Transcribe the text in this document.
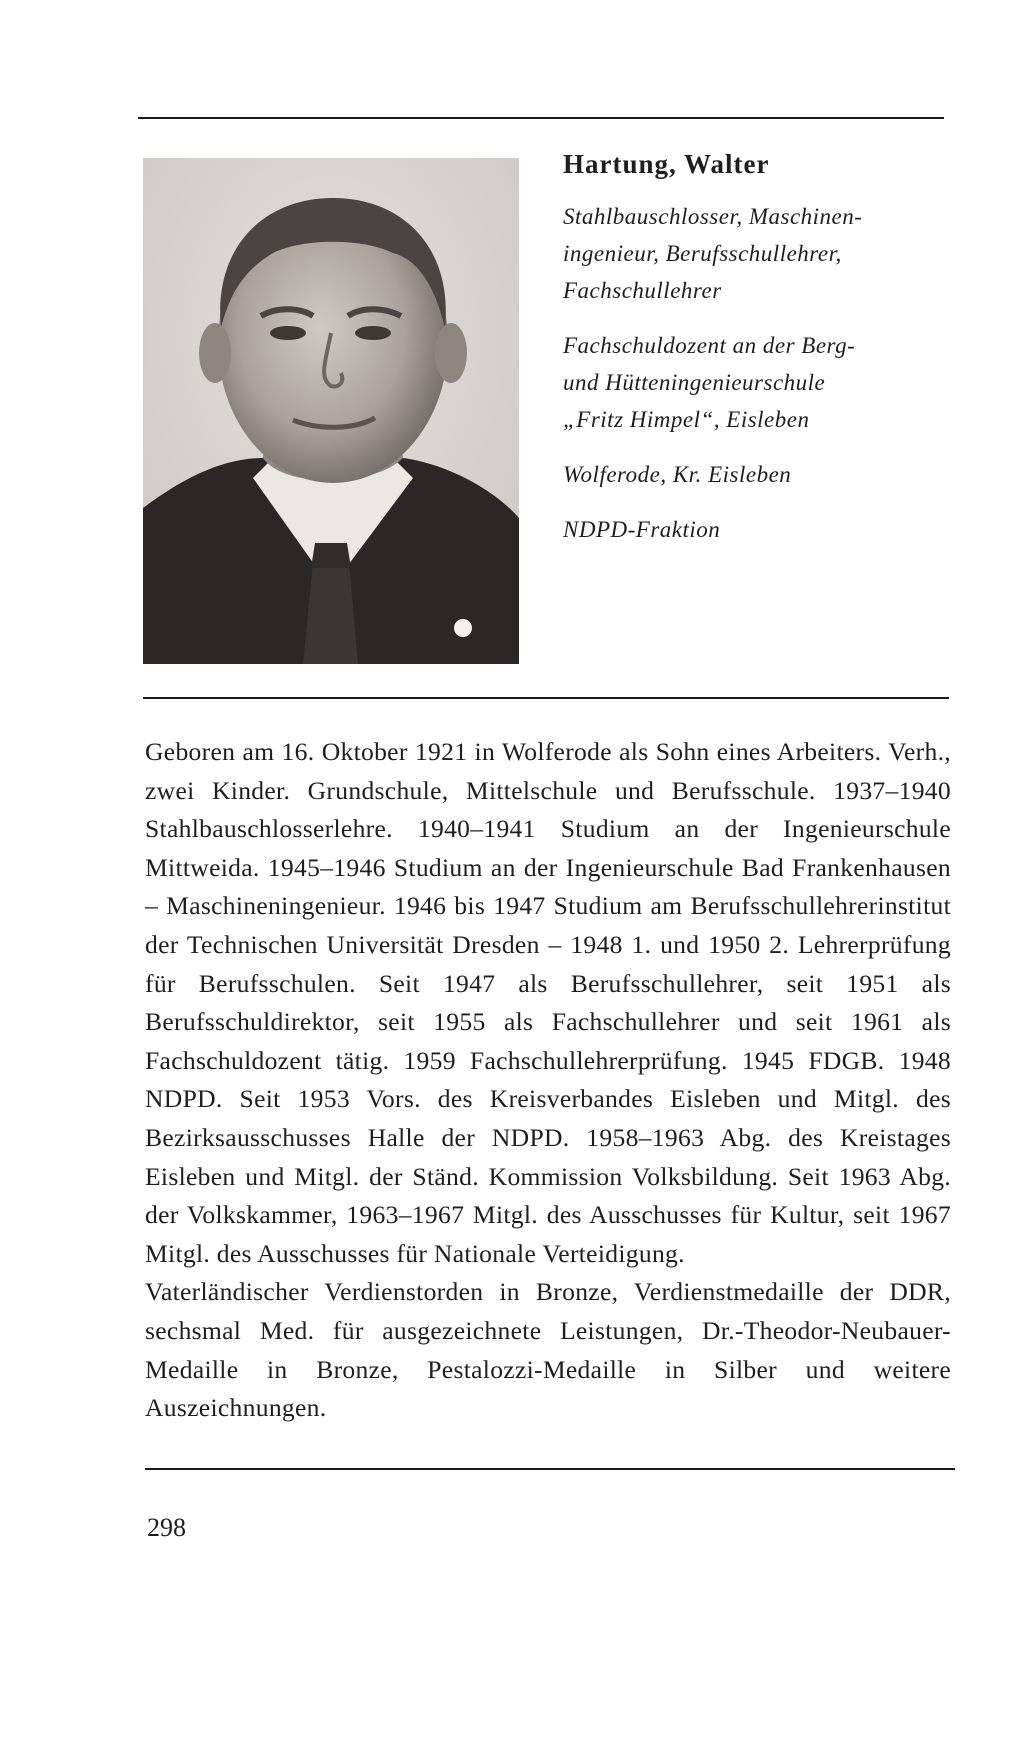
Hartung, Walter
Stahlbauschlosser, Maschinen-
ingenieur, Berufsschullehrer,
Fachschullehrer
Fachschuldozent an der Berg-
und Hütteningenieurschule
„Fritz Himpel“, Eisleben
Wolferode, Kr. Eisleben
NDPD-Fraktion

Geboren am 16. Oktober 1921 in Wolferode als Sohn eines Arbeiters. Verh., zwei Kinder. Grundschule, Mittelschule und Berufsschule. 1937–1940 Stahlbauschlosserlehre. 1940–1941 Studium an der Ingenieurschule Mittweida. 1945–1946 Studium an der Ingenieurschule Bad Frankenhausen – Maschineningenieur. 1946 bis 1947 Studium am Berufsschullehrerinstitut der Technischen Universität Dresden – 1948 1. und 1950 2. Lehrerprüfung für Berufsschulen. Seit 1947 als Berufsschullehrer, seit 1951 als Berufsschuldirektor, seit 1955 als Fachschullehrer und seit 1961 als Fachschuldozent tätig. 1959 Fachschullehrerprüfung. 1945 FDGB. 1948 NDPD. Seit 1953 Vors. des Kreisverbandes Eisleben und Mitgl. des Bezirksausschusses Halle der NDPD. 1958–1963 Abg. des Kreistages Eisleben und Mitgl. der Ständ. Kommission Volksbildung. Seit 1963 Abg. der Volkskammer, 1963–1967 Mitgl. des Ausschusses für Kultur, seit 1967 Mitgl. des Ausschusses für Nationale Verteidigung.

Vaterländischer Verdienstorden in Bronze, Verdienstmedaille der DDR, sechsmal Med. für ausgezeichnete Leistungen, Dr.-Theodor-Neubauer-Medaille in Bronze, Pestalozzi-Medaille in Silber und weitere Auszeichnungen.

298
